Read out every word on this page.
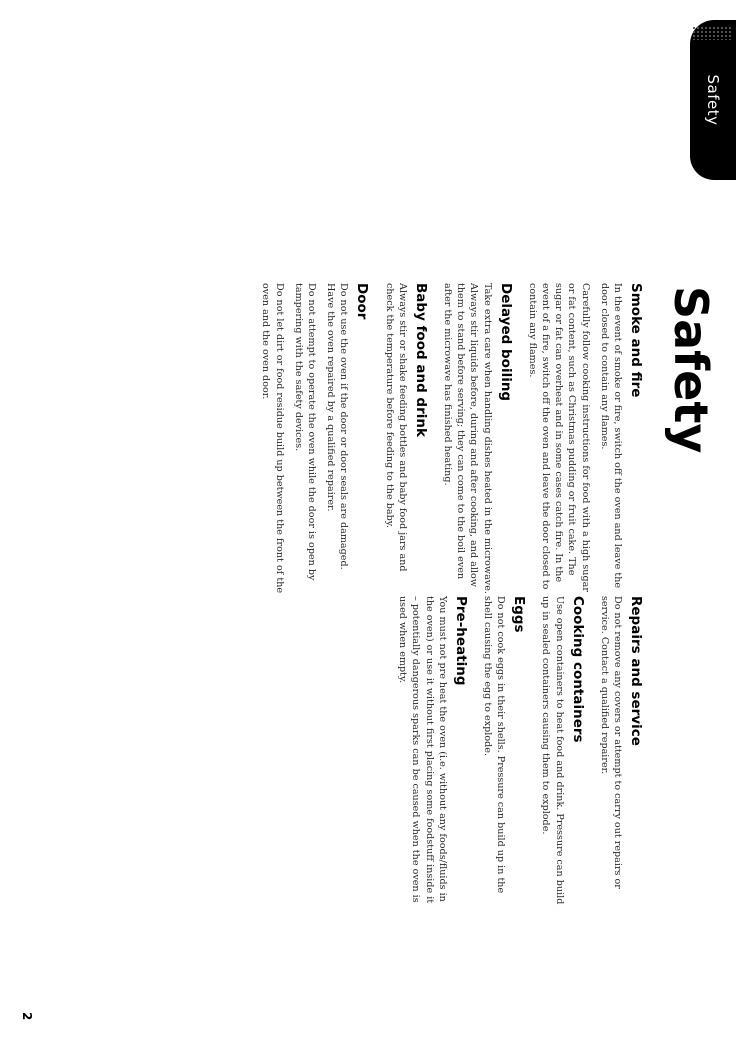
Safety
Safety
Smoke and fire

In the event of smoke or fire, switch off the oven and leave the door closed to contain any flames.

Carefully follow cooking instructions for food with a high sugar or fat content, such as Christmas pudding or fruit cake. The sugar or fat can overheat and in some cases catch fire. In the event of a fire, switch off the oven and leave the door closed to contain any flames.

Delayed boiling

Take extra care when handling dishes heated in the microwave. Always stir liquids before, during and after cooking, and allow them to stand before serving; they can come to the boil even after the microwave has finished heating.

Baby food and drink

Always stir or shake feeding bottles and baby food jars and check the temperature before feeding to the baby.

Door

Do not use the oven if the door or door seals are damaged. Have the oven repaired by a qualified repairer.

Do not attempt to operate the oven while the door is open by tampering with the safety devices.

Do not let dirt or food residue build up between the front of the oven and the oven door.

Repairs and service

Do not remove any covers or attempt to carry out repairs or service. Contact a qualified repairer.

Cooking containers

Use open containers to heat food and drink. Pressure can build up in sealed containers causing them to explode.

Eggs

Do not cook eggs in their shells. Pressure can build up in the shell causing the egg to explode.

Pre-heating

You must not pre heat the oven (i.e. without any foods/fluids in the oven) or use it without first placing some foodstuff inside it – potentially dangerous sparks can be caused when the oven is used when empty.

2
